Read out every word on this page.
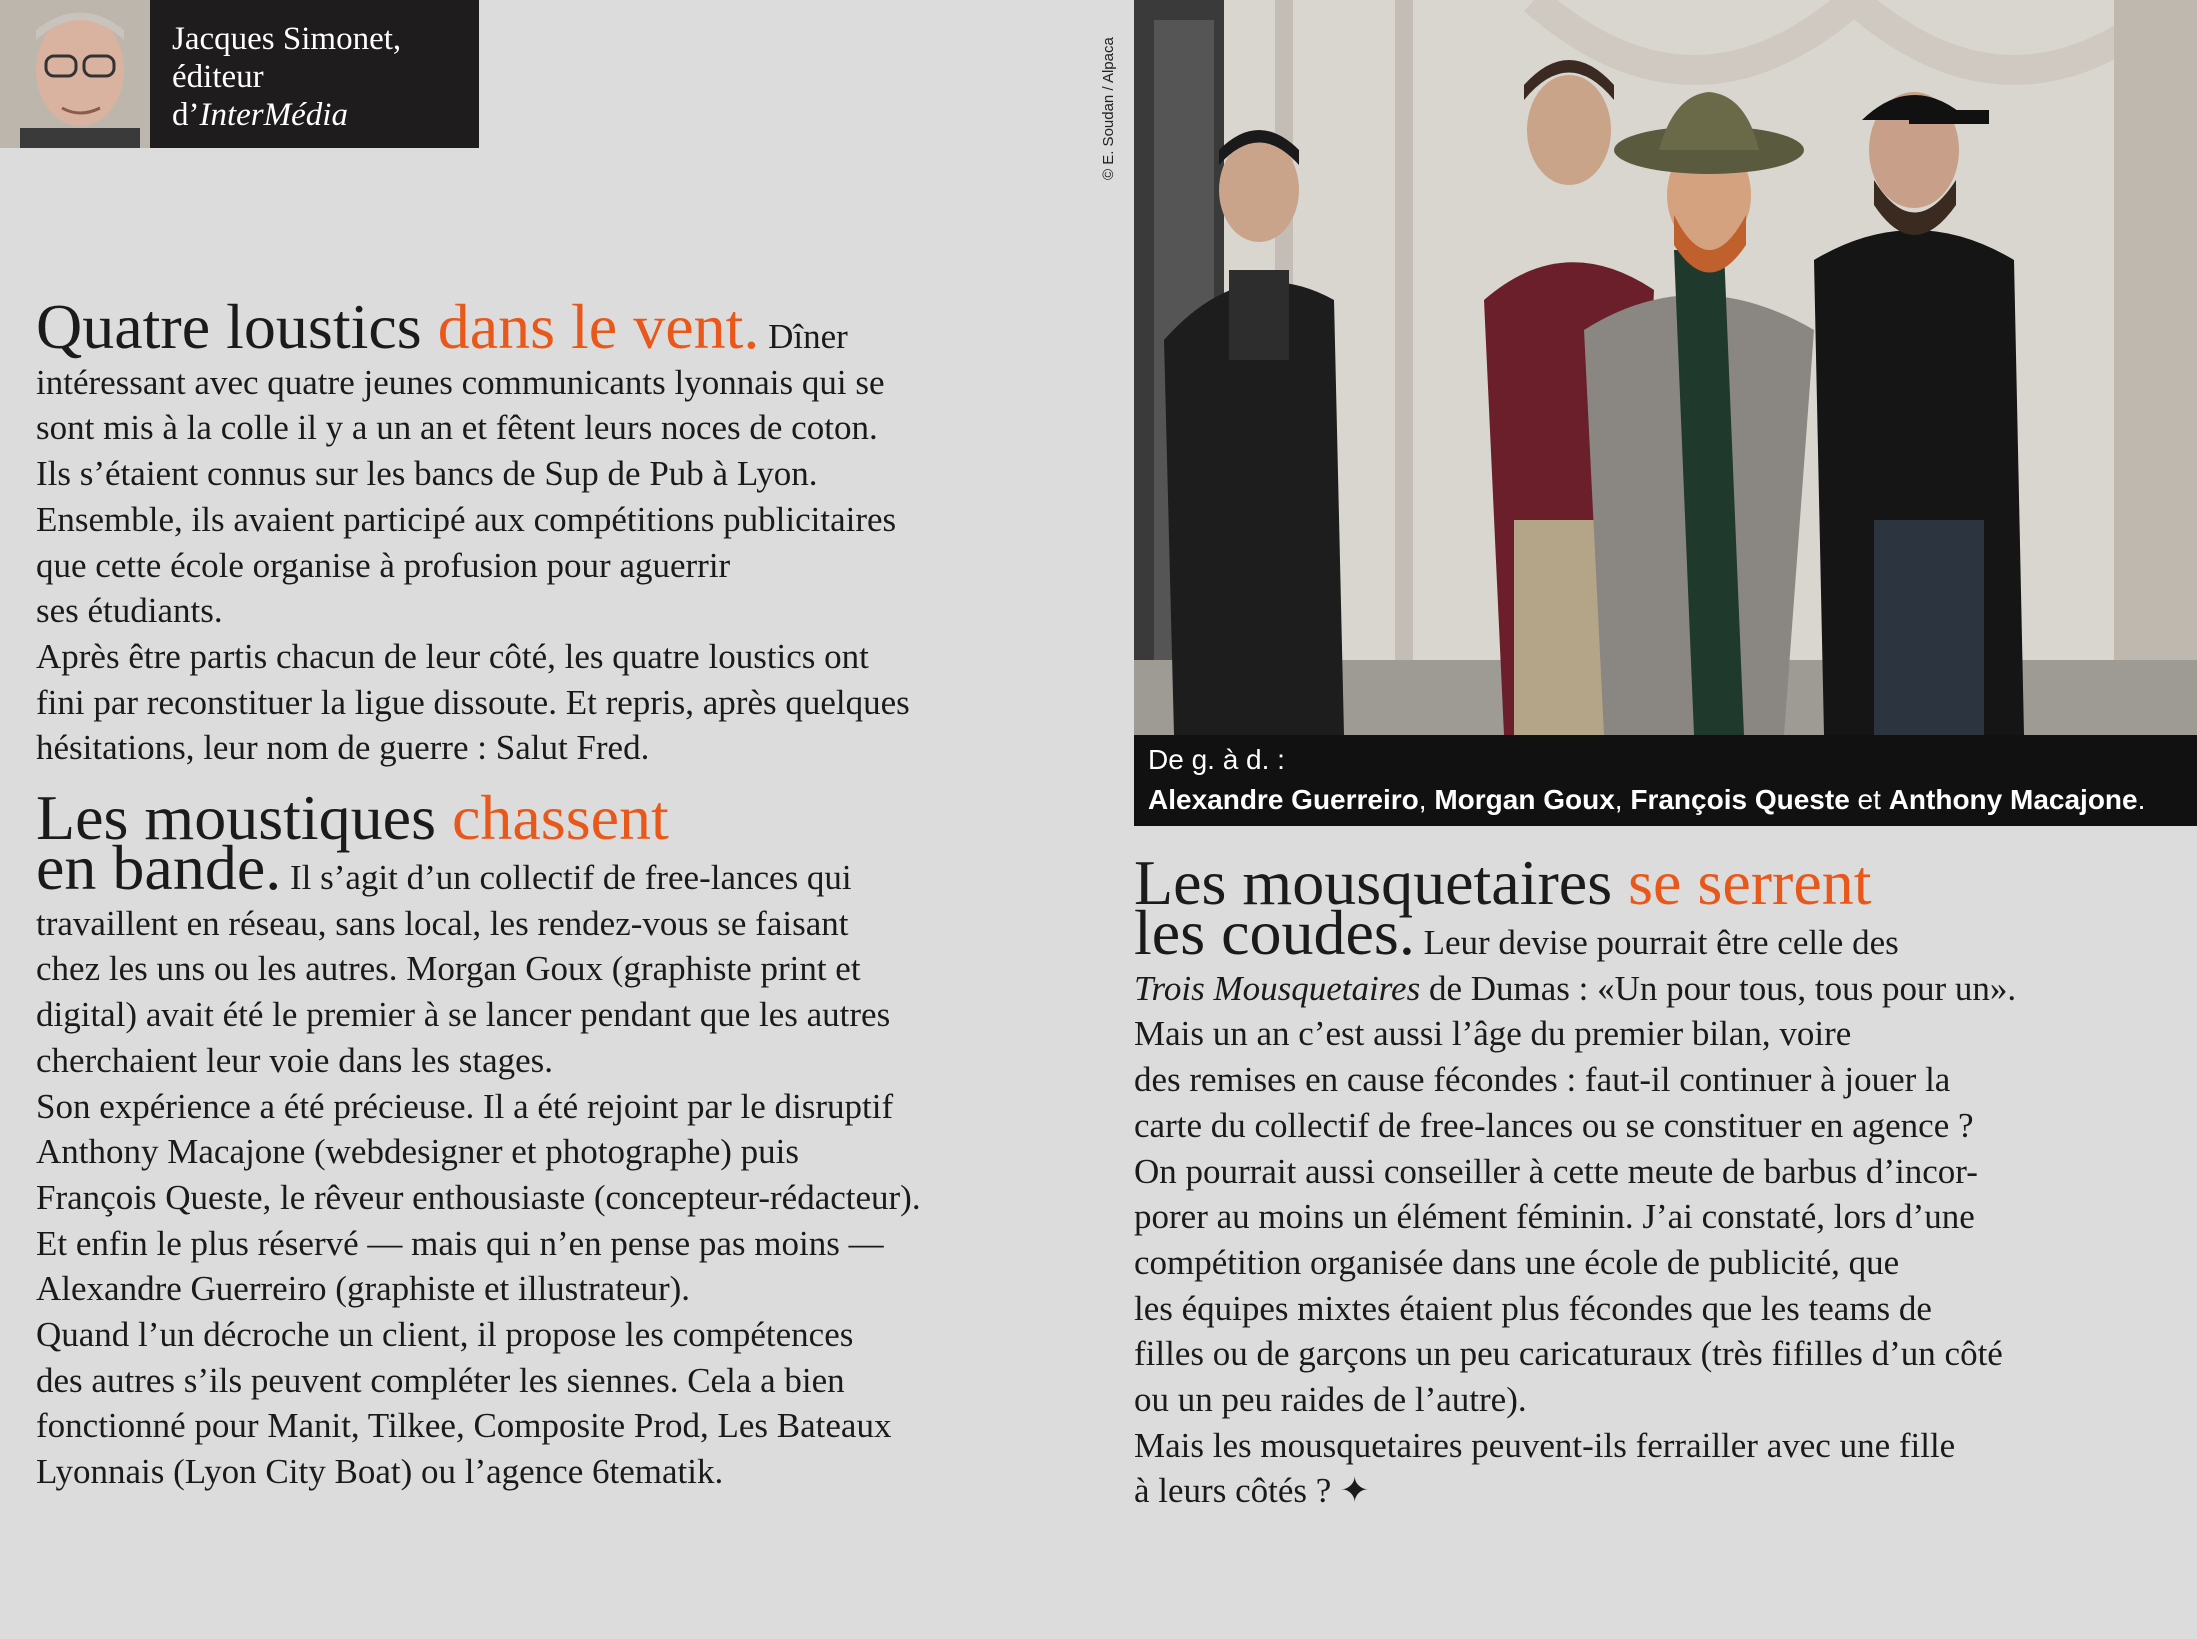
Jacques Simonet,
éditeur
d’InterMédia
Quatre loustics dans le vent. Dîner
intéressant avec quatre jeunes communicants lyonnais qui se
sont mis à la colle il y a un an et fêtent leurs noces de coton.
Ils s’étaient connus sur les bancs de Sup de Pub à Lyon.
Ensemble, ils avaient participé aux compétitions publicitaires
que cette école organise à profusion pour aguerrir
ses étudiants.
Après être partis chacun de leur côté, les quatre loustics ont
fini par reconstituer la ligue dissoute. Et repris, après quelques
hésitations, leur nom de guerre : Salut Fred.
Les moustiques chassent
en bande. Il s’agit d’un collectif de free-lances qui
travaillent en réseau, sans local, les rendez-vous se faisant
chez les uns ou les autres. Morgan Goux (graphiste print et
digital) avait été le premier à se lancer pendant que les autres
cherchaient leur voie dans les stages.
Son expérience a été précieuse. Il a été rejoint par le disruptif
Anthony Macajone (webdesigner et photographe) puis
François Queste, le rêveur enthousiaste (concepteur-rédacteur).
Et enfin le plus réservé — mais qui n’en pense pas moins —
Alexandre Guerreiro (graphiste et illustrateur).
Quand l’un décroche un client, il propose les compétences
des autres s’ils peuvent compléter les siennes. Cela a bien
fonctionné pour Manit, Tilkee, Composite Prod, Les Bateaux
Lyonnais (Lyon City Boat) ou l’agence 6tematik.
© E. Soudan / Alpaca
De g. à d. :
Alexandre Guerreiro, Morgan Goux, François Queste et Anthony Macajone.
Les mousquetaires se serrent
les coudes. Leur devise pourrait être celle des
Trois Mousquetaires de Dumas : «Un pour tous, tous pour un».
Mais un an c’est aussi l’âge du premier bilan, voire
des remises en cause fécondes : faut-il continuer à jouer la
carte du collectif de free-lances ou se constituer en agence ?
On pourrait aussi conseiller à cette meute de barbus d’incor-
porer au moins un élément féminin. J’ai constaté, lors d’une
compétition organisée dans une école de publicité, que
les équipes mixtes étaient plus fécondes que les teams de
filles ou de garçons un peu caricaturaux (très fifilles d’un côté
ou un peu raides de l’autre).
Mais les mousquetaires peuvent-ils ferrailler avec une fille
à leurs côtés ? ✦
